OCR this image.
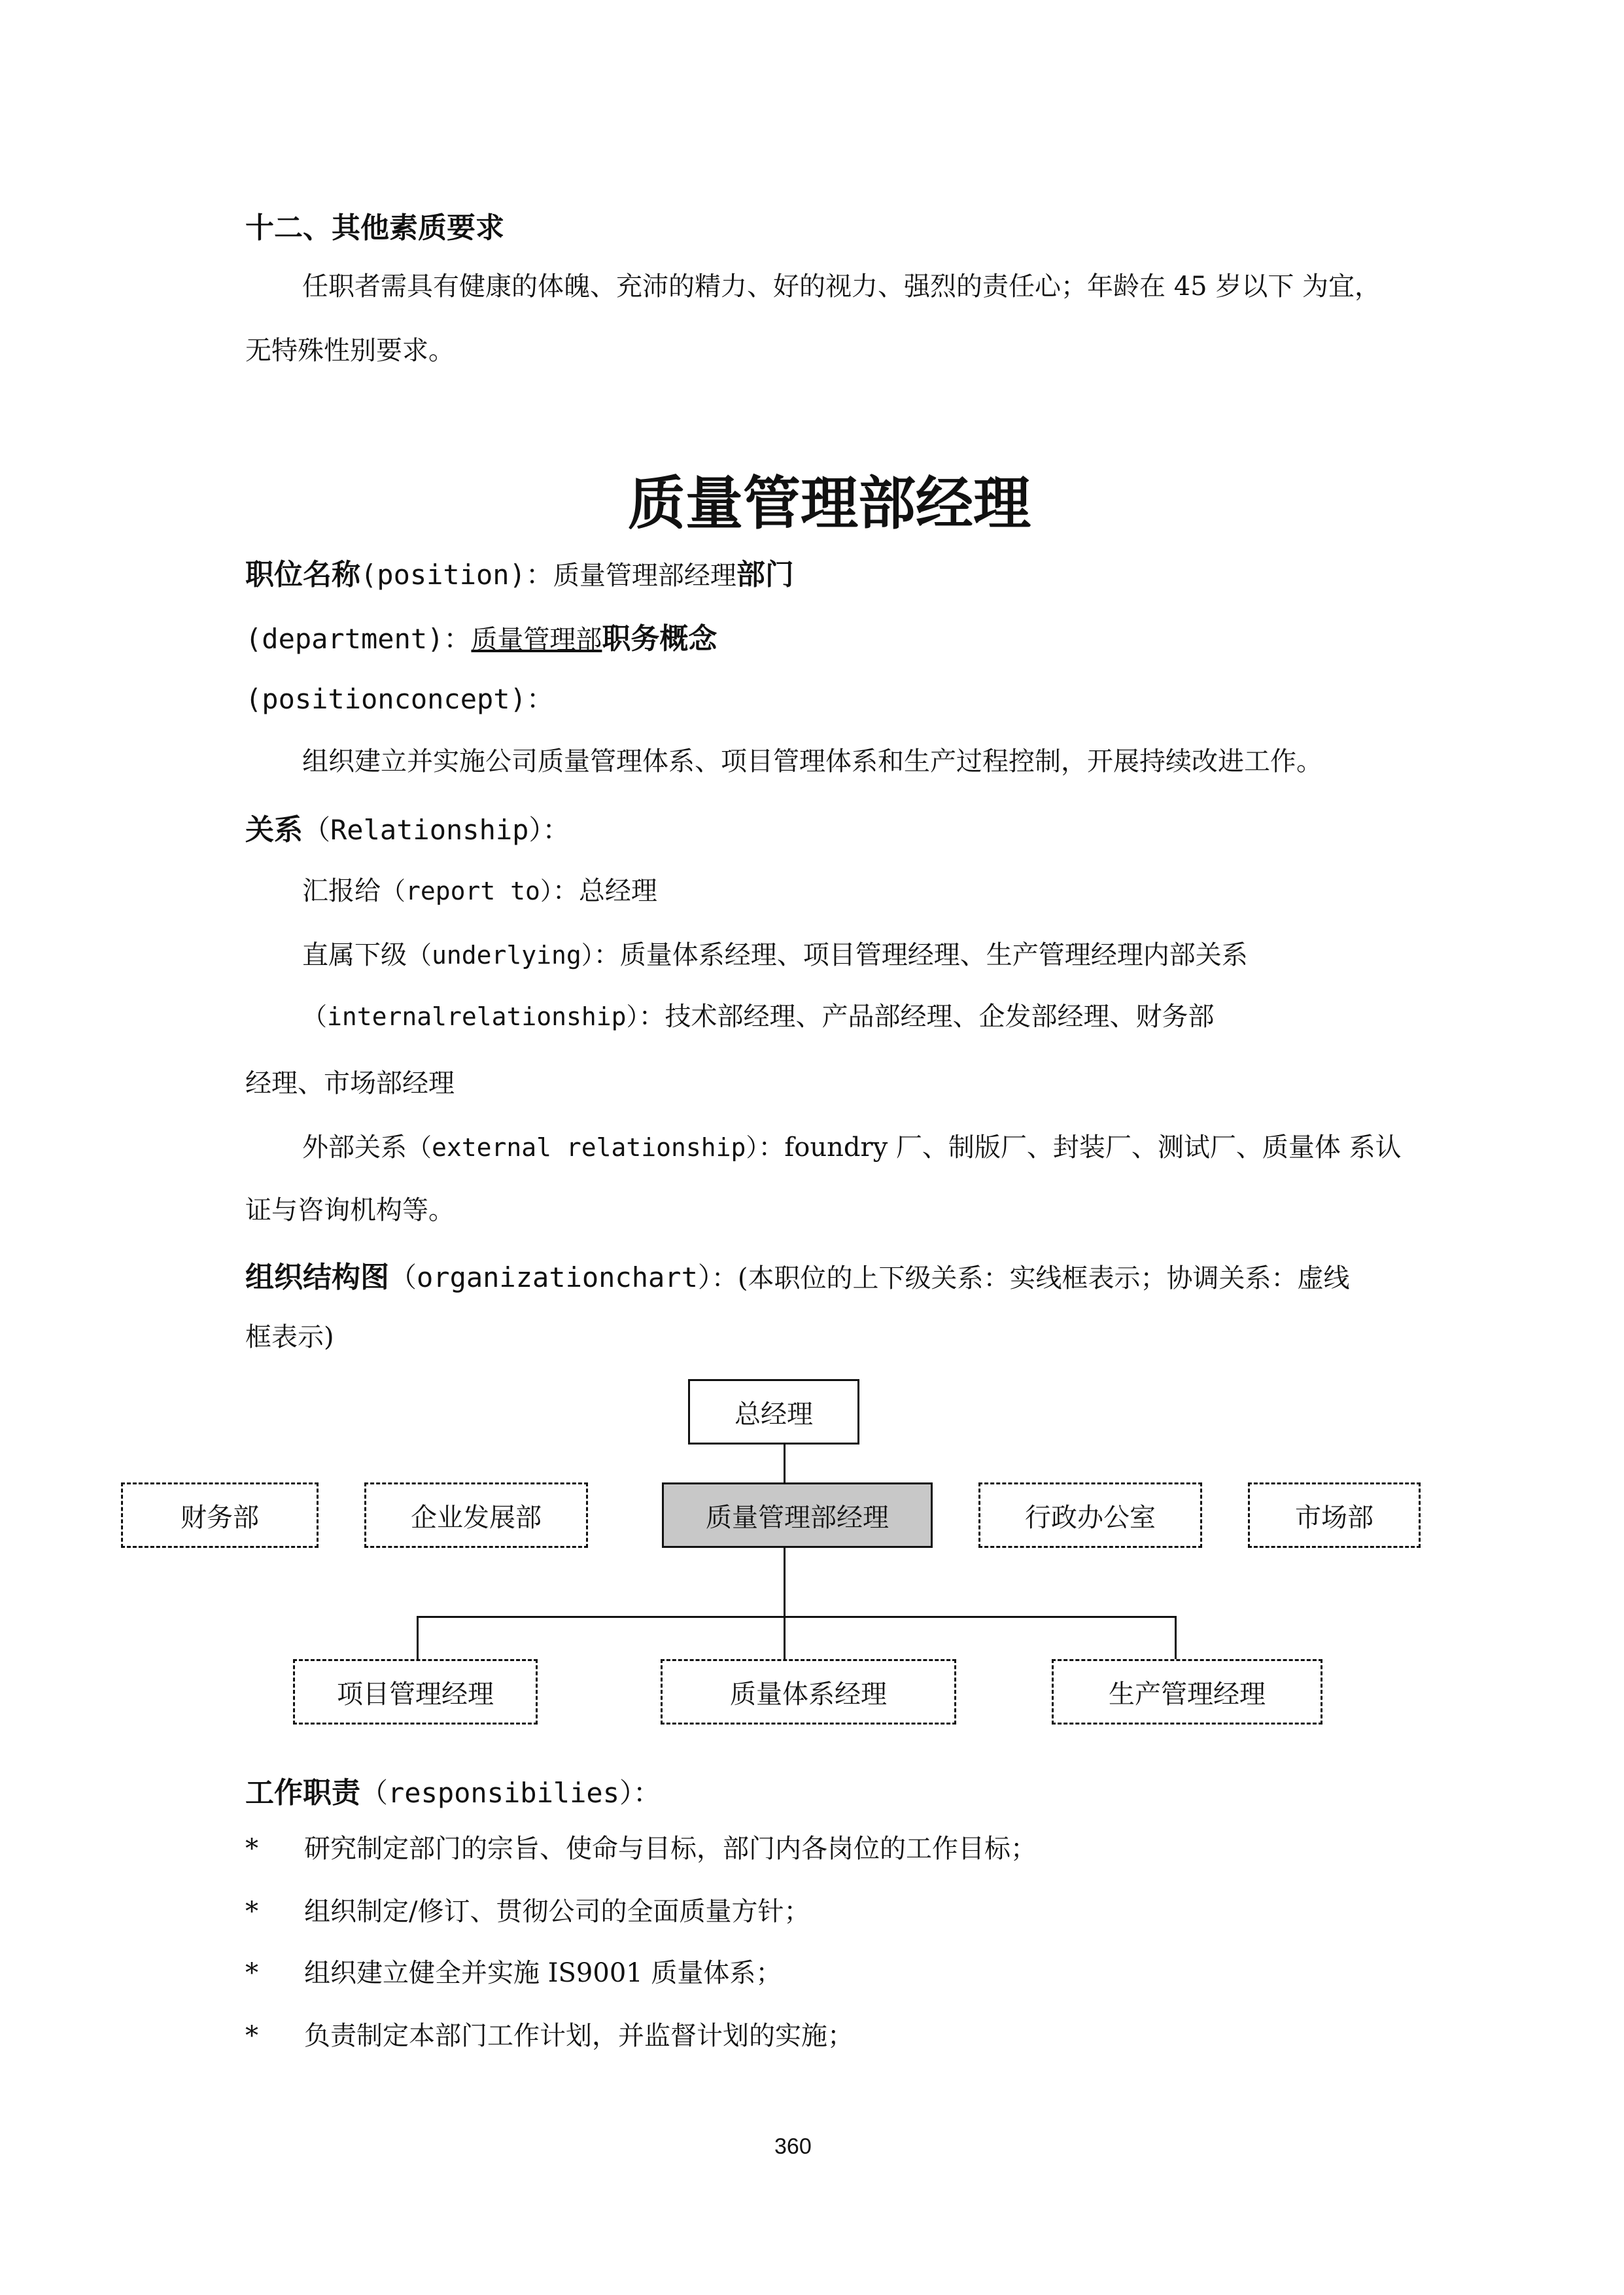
十二、其他素质要求
任职者需具有健康的体魄、充沛的精力、好的视力、强烈的责任心；年龄在 45 岁以下 为宜，
无特殊性别要求。
质量管理部经理
职位名称(position)：质量管理部经理部门
(department)：质量管理部职务概念
(positionconcept)：
组织建立并实施公司质量管理体系、项目管理体系和生产过程控制，开展持续改进工作。
关系（Relationship）：
汇报给（report to）：总经理
直属下级（underlying）：质量体系经理、项目管理经理、生产管理经理内部关系
（internalrelationship）：技术部经理、产品部经理、企发部经理、财务部
经理、市场部经理
外部关系（external relationship）：foundry 厂、制版厂、封装厂、测试厂、质量体 系认
证与咨询机构等。
组织结构图（organizationchart）：(本职位的上下级关系：实线框表示；协调关系：虚线
框表示)
总经理
财务部	企业发展部	质量管理部经理	行政办公室	市场部
项目管理经理	质量体系经理	生产管理经理
工作职责（responsibilies）：
* 研究制定部门的宗旨、使命与目标，部门内各岗位的工作目标；
* 组织制定/修订、贯彻公司的全面质量方针；
* 组织建立健全并实施 IS9001 质量体系；
* 负责制定本部门工作计划，并监督计划的实施；
360
